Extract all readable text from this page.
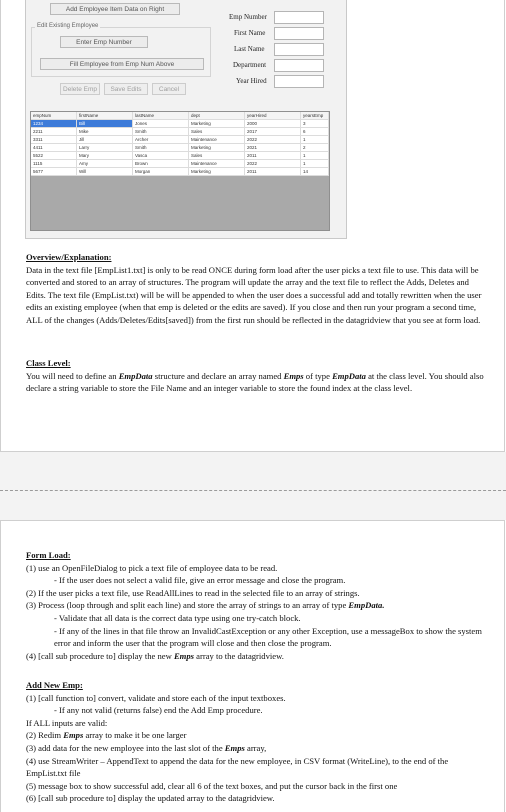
Add Employee Item Data on Right
Edit Existing Employee
Enter Emp Number
Fill Employee from Emp Num Above
Delete Emp	Save Edits	Cancel
Emp Number
First Name
Last Name
Department
Year Hired
empNum	firstName	lastName	dept	yearHired	yearsEmp
1234	Bill	Jones	Marketing	2000	3
2211	Mike	Smith	Sales	2017	6
3311	Jill	Archer	Maintenance	2022	1
4411	Larry	Smith	Marketing	2021	2
5522	Mary	Vasca	Sales	2011	1
1115	Amy	Brown	Maintenance	2022	1
5677	Will	Morgan	Marketing	2011	14

Overview/Explanation:

Data in the text file [EmpList1.txt] is only to be read ONCE during form load after the user picks a text file to use. This data will be converted and stored to an array of structures. The program will update the array and the text file to reflect the Adds, Deletes and Edits. The text file (EmpList.txt) will be will be appended to when the user does a successful add and totally rewritten when the user edits an existing employee (when that emp is deleted or the edits are saved). If you close and then run your program a second time, ALL of the changes (Adds/Deletes/Edits[saved]) from the first run should be reflected in the datagridview that you see at form load.

Class Level:

You will need to define an EmpData structure and declare an array named Emps of type EmpData at the class level. You should also declare a string variable to store the File Name and an integer variable to store the found index at the class level.

Form Load:

(1) use an OpenFileDialog to pick a text file of employee data to be read.

- If the user does not select a valid file, give an error message and close the program.

(2) If the user picks a text file, use ReadAllLines to read in the selected file to an array of strings.

(3) Process (loop through and split each line) and store the array of strings to an array of type EmpData.

- Validate that all data is the correct data type using one try-catch block.

- If any of the lines in that file throw an InvalidCastException or any other Exception, use a messageBox to show the system error and inform the user that the program will close and then close the program.

(4) [call sub procedure to] display the new Emps array to the datagridview.

Add New Emp:

(1) [call function to] convert, validate and store each of the input textboxes.

- If any not valid (returns false) end the Add Emp procedure.

If ALL inputs are valid:

(2) Redim Emps array to make it be one larger

(3) add data for the new employee into the last slot of the Emps array,

(4) use StreamWriter – AppendText to append the data for the new employee, in CSV format (WriteLine), to the end of the EmpList.txt file

(5) message box to show successful add, clear all 6 of the text boxes, and put the cursor back in the first one

(6) [call sub procedure to] display the updated array to the datagridview.
